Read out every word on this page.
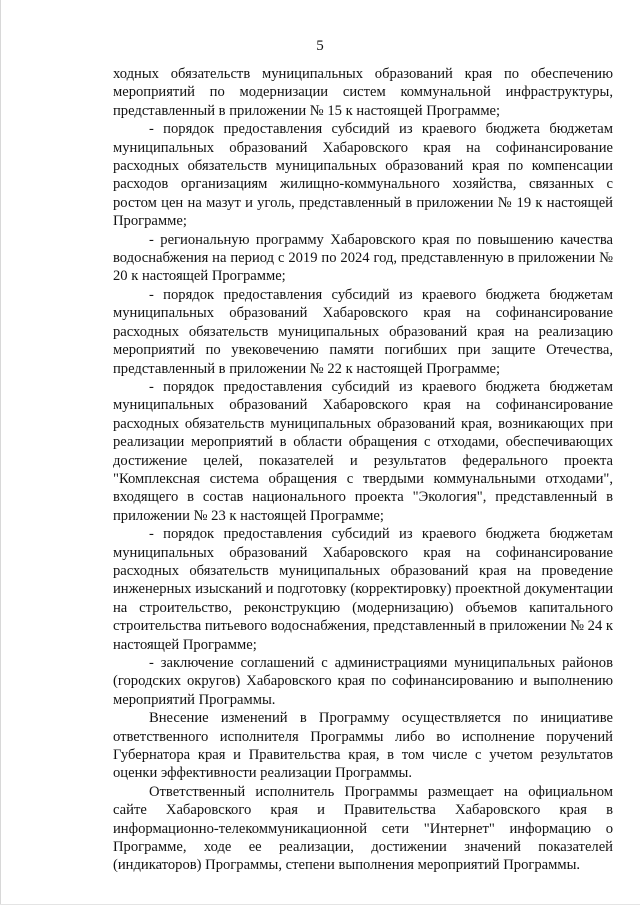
5

ходных обязательств муниципальных образований края по обеспечению мероприятий по модернизации систем коммунальной инфраструктуры, представленный в приложении № 15 к настоящей Программе;

- порядок предоставления субсидий из краевого бюджета бюджетам муниципальных образований Хабаровского края на софинансирование расходных обязательств муниципальных образований края по компенсации расходов организациям жилищно-коммунального хозяйства, связанных с ростом цен на мазут и уголь, представленный в приложении № 19 к настоящей Программе;

- региональную программу Хабаровского края по повышению качества водоснабжения на период с 2019 по 2024 год, представленную в приложении № 20 к настоящей Программе;

- порядок предоставления субсидий из краевого бюджета бюджетам муниципальных образований Хабаровского края на софинансирование расходных обязательств муниципальных образований края на реализацию мероприятий по увековечению памяти погибших при защите Отечества, представленный в приложении № 22 к настоящей Программе;

- порядок предоставления субсидий из краевого бюджета бюджетам муниципальных образований Хабаровского края на софинансирование расходных обязательств муниципальных образований края, возникающих при реализации мероприятий в области обращения с отходами, обеспечивающих достижение целей, показателей и результатов федерального проекта "Комплексная система обращения с твердыми коммунальными отходами", входящего в состав национального проекта "Экология", представленный в приложении № 23 к настоящей Программе;

- порядок предоставления субсидий из краевого бюджета бюджетам муниципальных образований Хабаровского края на софинансирование расходных обязательств муниципальных образований края на проведение инженерных изысканий и подготовку (корректировку) проектной документации на строительство, реконструкцию (модернизацию) объемов капитального строительства питьевого водоснабжения, представленный в приложении № 24 к настоящей Программе;

- заключение соглашений с администрациями муниципальных районов (городских округов) Хабаровского края по софинансированию и выполнению мероприятий Программы.

Внесение изменений в Программу осуществляется по инициативе ответственного исполнителя Программы либо во исполнение поручений Губернатора края и Правительства края, в том числе с учетом результатов оценки эффективности реализации Программы.

Ответственный исполнитель Программы размещает на официальном сайте Хабаровского края и Правительства Хабаровского края в информационно-телекоммуникационной сети "Интернет" информацию о Программе, ходе ее реализации, достижении значений показателей (индикаторов) Программы, степени выполнения мероприятий Программы.
